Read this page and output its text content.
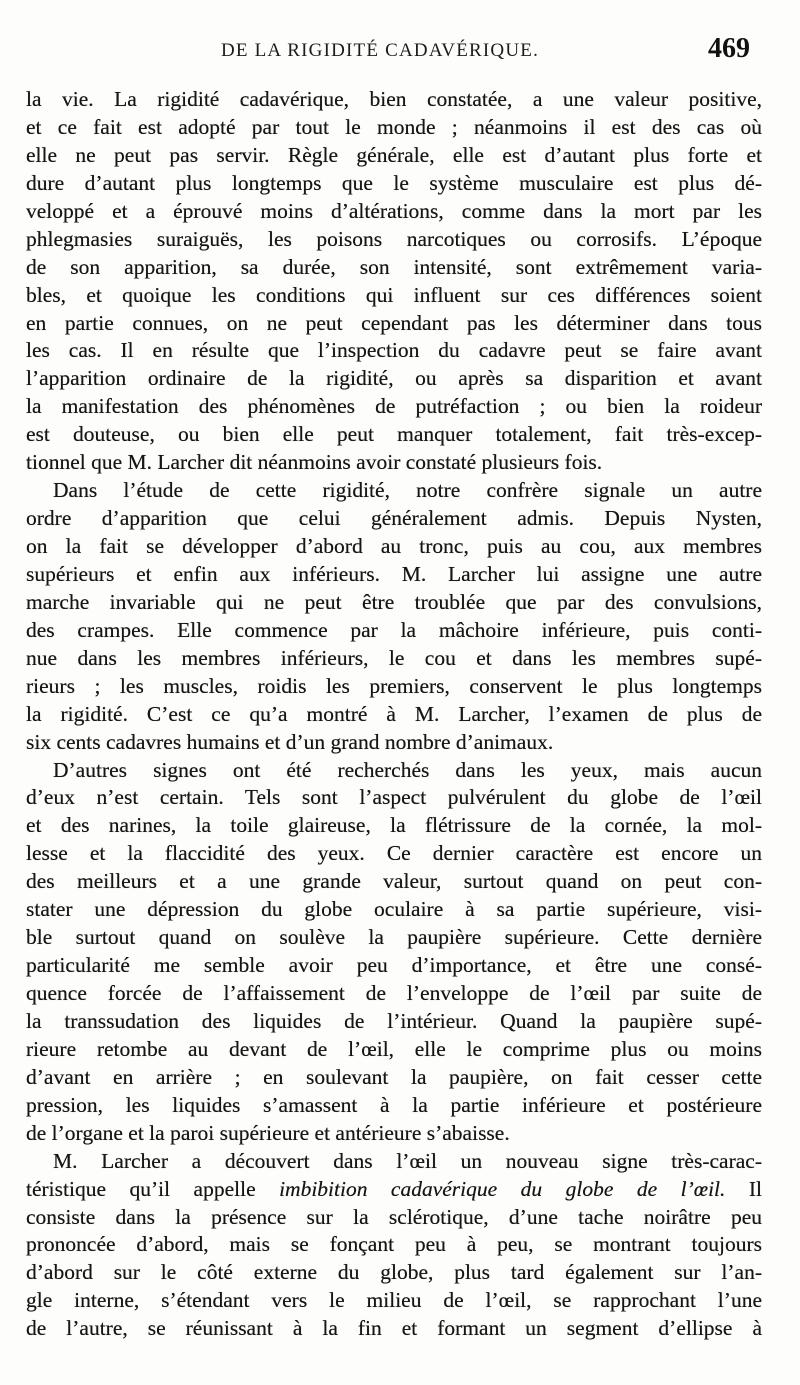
DE LA RIGIDITÉ CADAVÉRIQUE.	469
la vie. La rigidité cadavérique, bien constatée, a une valeur positive,
et ce fait est adopté par tout le monde ; néanmoins il est des cas où
elle ne peut pas servir. Règle générale, elle est d’autant plus forte et
dure d’autant plus longtemps que le système musculaire est plus dé-
veloppé et a éprouvé moins d’altérations, comme dans la mort par les
phlegmasies suraiguës, les poisons narcotiques ou corrosifs. L’époque
de son apparition, sa durée, son intensité, sont extrêmement varia-
bles, et quoique les conditions qui influent sur ces différences soient
en partie connues, on ne peut cependant pas les déterminer dans tous
les cas. Il en résulte que l’inspection du cadavre peut se faire avant
l’apparition ordinaire de la rigidité, ou après sa disparition et avant
la manifestation des phénomènes de putréfaction ; ou bien la roideur
est douteuse, ou bien elle peut manquer totalement, fait très-excep-
tionnel que M. Larcher dit néanmoins avoir constaté plusieurs fois.
Dans l’étude de cette rigidité, notre confrère signale un autre
ordre d’apparition que celui généralement admis. Depuis Nysten,
on la fait se développer d’abord au tronc, puis au cou, aux membres
supérieurs et enfin aux inférieurs. M. Larcher lui assigne une autre
marche invariable qui ne peut être troublée que par des convulsions,
des crampes. Elle commence par la mâchoire inférieure, puis conti-
nue dans les membres inférieurs, le cou et dans les membres supé-
rieurs ; les muscles, roidis les premiers, conservent le plus longtemps
la rigidité. C’est ce qu’a montré à M. Larcher, l’examen de plus de
six cents cadavres humains et d’un grand nombre d’animaux.
D’autres signes ont été recherchés dans les yeux, mais aucun
d’eux n’est certain. Tels sont l’aspect pulvérulent du globe de l’œil
et des narines, la toile glaireuse, la flétrissure de la cornée, la mol-
lesse et la flaccidité des yeux. Ce dernier caractère est encore un
des meilleurs et a une grande valeur, surtout quand on peut con-
stater une dépression du globe oculaire à sa partie supérieure, visi-
ble surtout quand on soulève la paupière supérieure. Cette dernière
particularité me semble avoir peu d’importance, et être une consé-
quence forcée de l’affaissement de l’enveloppe de l’œil par suite de
la transsudation des liquides de l’intérieur. Quand la paupière supé-
rieure retombe au devant de l’œil, elle le comprime plus ou moins
d’avant en arrière ; en soulevant la paupière, on fait cesser cette
pression, les liquides s’amassent à la partie inférieure et postérieure
de l’organe et la paroi supérieure et antérieure s’abaisse.
M. Larcher a découvert dans l’œil un nouveau signe très-carac-
téristique qu’il appelle imbibition cadavérique du globe de l’œil. Il
consiste dans la présence sur la sclérotique, d’une tache noirâtre peu
prononcée d’abord, mais se fonçant peu à peu, se montrant toujours
d’abord sur le côté externe du globe, plus tard également sur l’an-
gle interne, s’étendant vers le milieu de l’œil, se rapprochant l’une
de l’autre, se réunissant à la fin et formant un segment d’ellipse à
